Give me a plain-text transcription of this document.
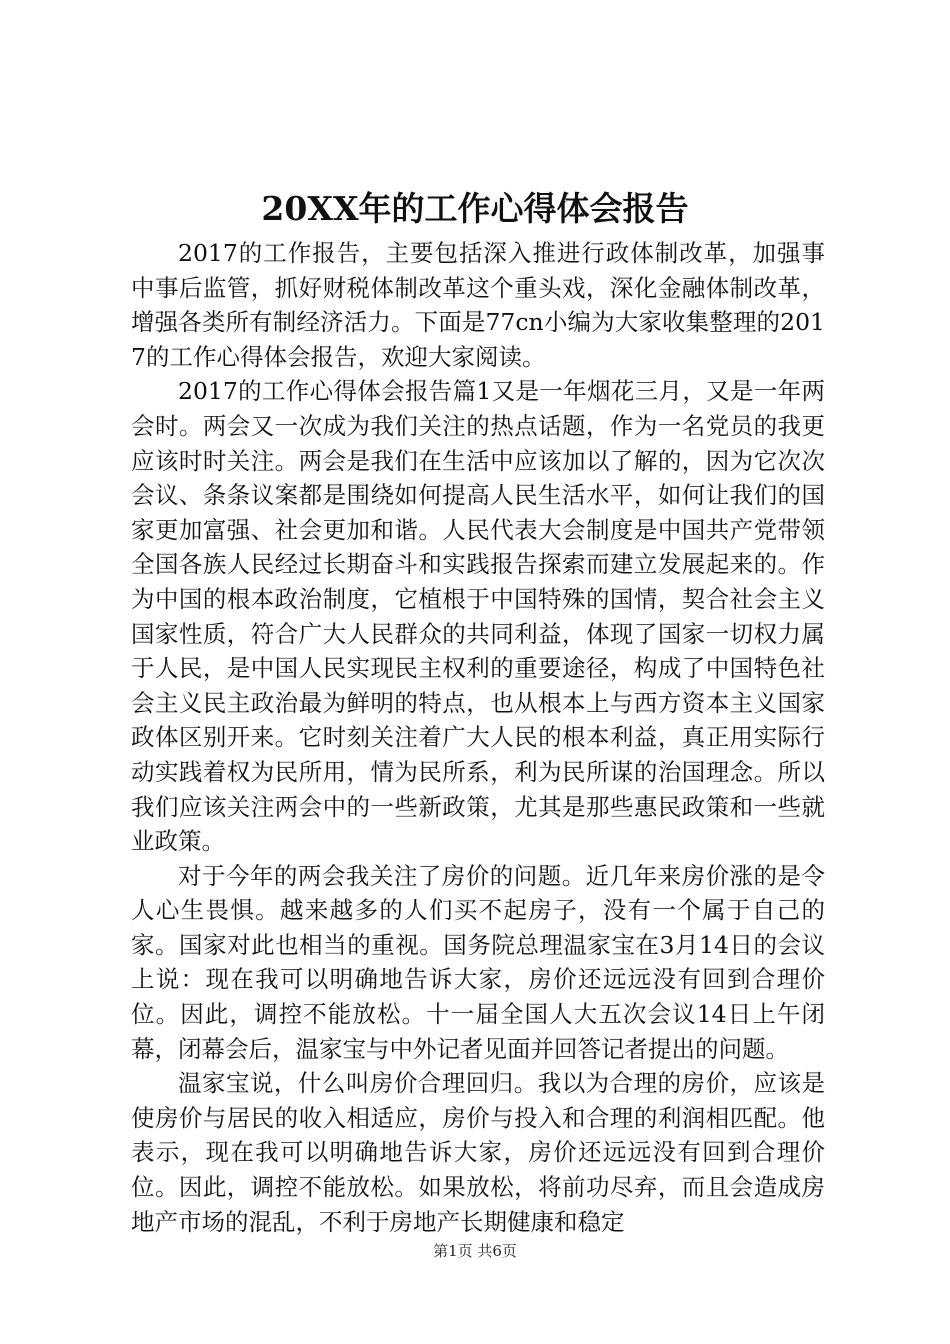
20XX年的工作心得体会报告

2017的工作报告，主要包括深入推进行政体制改革，加强事中事后监管，抓好财税体制改革这个重头戏，深化金融体制改革，增强各类所有制经济活力。下面是77cn小编为大家收集整理的2017的工作心得体会报告，欢迎大家阅读。

2017的工作心得体会报告篇1又是一年烟花三月，又是一年两会时。两会又一次成为我们关注的热点话题，作为一名党员的我更应该时时关注。两会是我们在生活中应该加以了解的，因为它次次会议、条条议案都是围绕如何提高人民生活水平，如何让我们的国家更加富强、社会更加和谐。人民代表大会制度是中国共产党带领全国各族人民经过长期奋斗和实践报告探索而建立发展起来的。作为中国的根本政治制度，它植根于中国特殊的国情，契合社会主义国家性质，符合广大人民群众的共同利益，体现了国家一切权力属于人民，是中国人民实现民主权利的重要途径，构成了中国特色社会主义民主政治最为鲜明的特点，也从根本上与西方资本主义国家政体区别开来。它时刻关注着广大人民的根本利益，真正用实际行动实践着权为民所用，情为民所系，利为民所谋的治国理念。所以我们应该关注两会中的一些新政策，尤其是那些惠民政策和一些就业政策。

对于今年的两会我关注了房价的问题。近几年来房价涨的是令人心生畏惧。越来越多的人们买不起房子，没有一个属于自己的家。国家对此也相当的重视。国务院总理温家宝在3月14日的会议上说：现在我可以明确地告诉大家，房价还远远没有回到合理价位。因此，调控不能放松。十一届全国人大五次会议14日上午闭幕，闭幕会后，温家宝与中外记者见面并回答记者提出的问题。

温家宝说，什么叫房价合理回归。我以为合理的房价，应该是使房价与居民的收入相适应，房价与投入和合理的利润相匹配。他表示，现在我可以明确地告诉大家，房价还远远没有回到合理价位。因此，调控不能放松。如果放松，将前功尽弃，而且会造成房地产市场的混乱，不利于房地产长期健康和稳定

第1页 共6页
